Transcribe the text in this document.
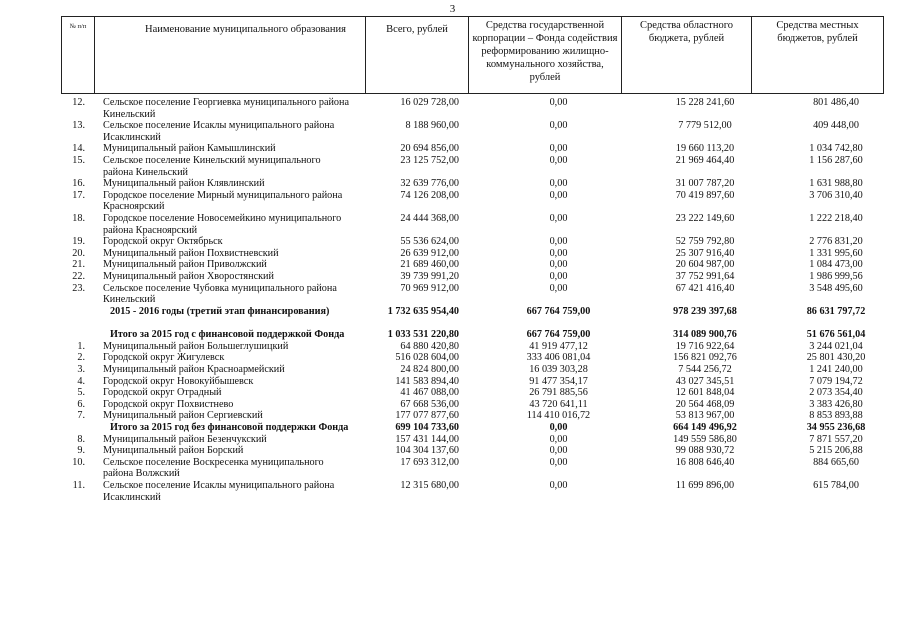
3
№ п/п	Наименование муниципального образования	Всего, рублей	Средства государственной корпорации – Фонда содействия реформированию жилищно-коммунального хозяйства, рублей	Средства областного бюджета, рублей	Средства местных бюджетов, рублей
12.	Сельское поселение Георгиевка муниципального района Кинельский	16 029 728,00	0,00	15 228 241,60	801 486,40
13.	Сельское поселение Исаклы муниципального района Исаклинский	8 188 960,00	0,00	7 779 512,00	409 448,00
14.	Муниципальный район Камышлинский	20 694 856,00	0,00	19 660 113,20	1 034 742,80
15.	Сельское поселение Кинельский муниципального района Кинельский	23 125 752,00	0,00	21 969 464,40	1 156 287,60
16.	Муниципальный район Клявлинский	32 639 776,00	0,00	31 007 787,20	1 631 988,80
17.	Городское поселение Мирный муниципального района Красноярский	74 126 208,00	0,00	70 419 897,60	3 706 310,40
18.	Городское поселение Новосемейкино муниципального района Красноярский	24 444 368,00	0,00	23 222 149,60	1 222 218,40
19.	Городской округ Октябрьск	55 536 624,00	0,00	52 759 792,80	2 776 831,20
20.	Муниципальный район Похвистневский	26 639 912,00	0,00	25 307 916,40	1 331 995,60
21.	Муниципальный район Приволжский	21 689 460,00	0,00	20 604 987,00	1 084 473,00
22.	Муниципальный район Хворостянский	39 739 991,20	0,00	37 752 991,64	1 986 999,56
23.	Сельское поселение Чубовка муниципального района Кинельский	70 969 912,00	0,00	67 421 416,40	3 548 495,60
	2015 - 2016 годы (третий этап финансирования)	1 732 635 954,40	667 764 759,00	978 239 397,68	86 631 797,72

	Итого за 2015 год с финансовой поддержкой Фонда	1 033 531 220,80	667 764 759,00	314 089 900,76	51 676 561,04
1.	Муниципальный район Большеглушицкий	64 880 420,80	41 919 477,12	19 716 922,64	3 244 021,04
2.	Городской округ Жигулевск	516 028 604,00	333 406 081,04	156 821 092,76	25 801 430,20
3.	Муниципальный район Красноармейский	24 824 800,00	16 039 303,28	7 544 256,72	1 241 240,00
4.	Городской округ Новокуйбышевск	141 583 894,40	91 477 354,17	43 027 345,51	7 079 194,72
5.	Городской округ Отрадный	41 467 088,00	26 791 885,56	12 601 848,04	2 073 354,40
6.	Городской округ Похвистнево	67 668 536,00	43 720 641,11	20 564 468,09	3 383 426,80
7.	Муниципальный район Сергиевский	177 077 877,60	114 410 016,72	53 813 967,00	8 853 893,88
	Итого за 2015 год без финансовой поддержки Фонда	699 104 733,60	0,00	664 149 496,92	34 955 236,68
8.	Муниципальный район Безенчукский	157 431 144,00	0,00	149 559 586,80	7 871 557,20
9.	Муниципальный район Борский	104 304 137,60	0,00	99 088 930,72	5 215 206,88
10.	Сельское поселение Воскресенка муниципального района Волжский	17 693 312,00	0,00	16 808 646,40	884 665,60
11.	Сельское поселение Исаклы муниципального района Исаклинский	12 315 680,00	0,00	11 699 896,00	615 784,00
